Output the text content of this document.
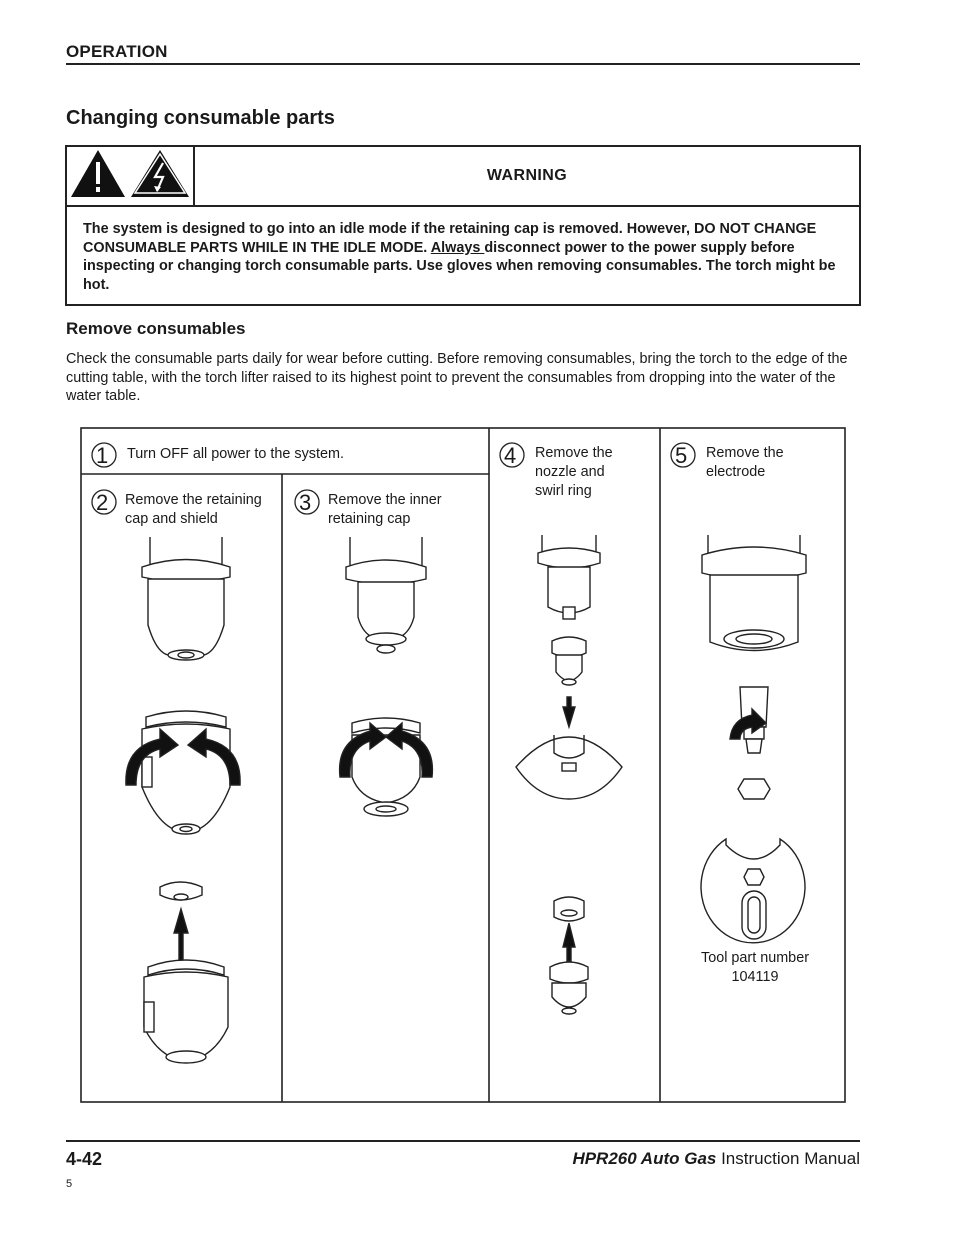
OPERATION
Changing consumable parts
WARNING
The system is designed to go into an idle mode if the retaining cap is removed. However, DO NOT CHANGE CONSUMABLE PARTS WHILE IN THE IDLE MODE. Always disconnect power to the power supply before inspecting or changing torch consumable parts. Use gloves when removing consumables. The torch might be hot.
Remove consumables
Check the consumable parts daily for wear before cutting. Before removing consumables, bring the torch to the edge of the cutting table, with the torch lifter raised to its highest point to prevent the consumables from dropping into the water of the water table.
1
2	3
4	5
Turn OFF all power to the system.
Remove the retaining
cap and shield
Remove the inner
retaining cap
Remove the
nozzle and
swirl ring
Remove the
electrode
Tool part number
104119
4-42	HPR260 Auto Gas Instruction Manual
5
